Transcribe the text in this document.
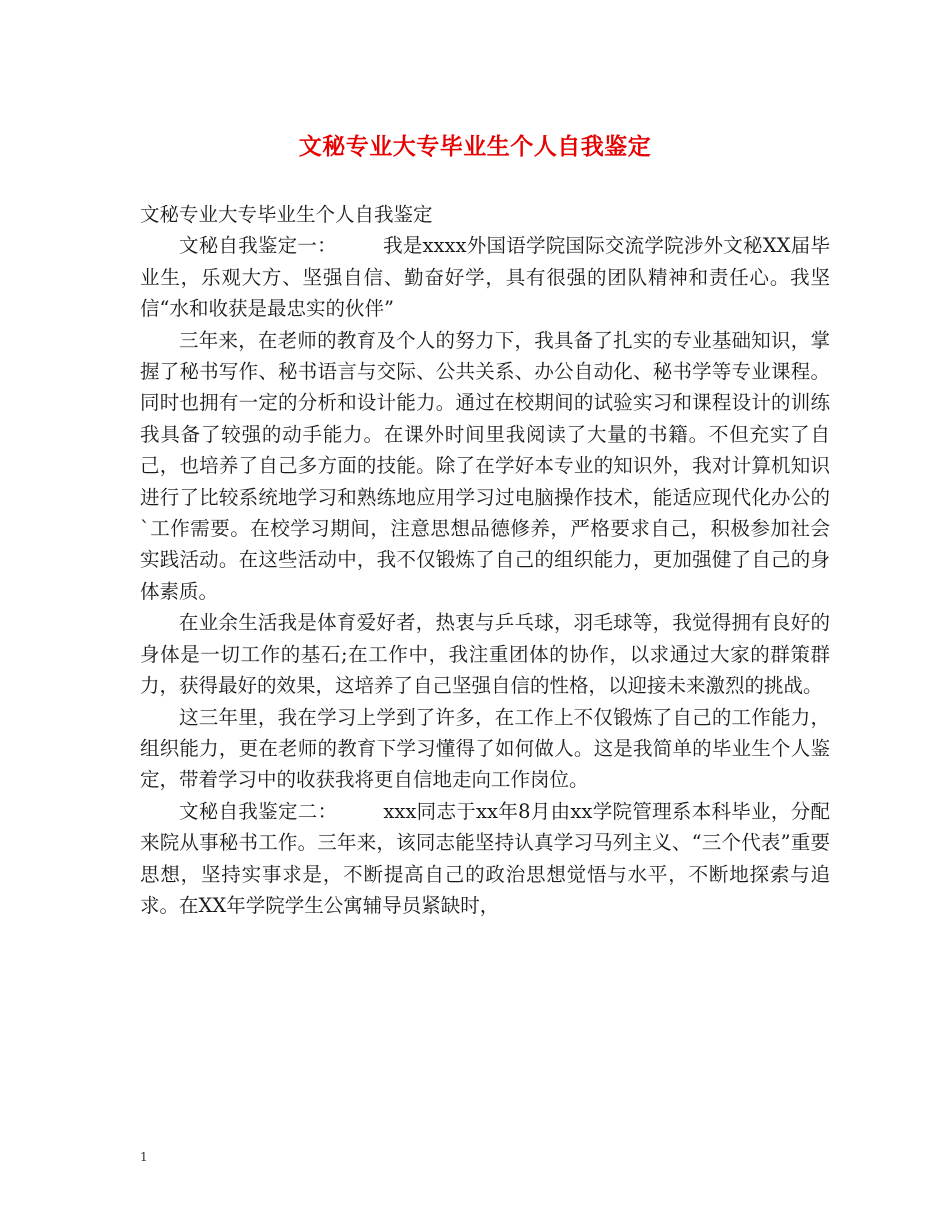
文秘专业大专毕业生个人自我鉴定

文秘专业大专毕业生个人自我鉴定

文秘自我鉴定一： 我是xxxx外国语学院国际交流学院涉外文秘XX届毕业生，乐观大方、坚强自信、勤奋好学，具有很强的团队精神和责任心。我坚信“水和收获是最忠实的伙伴”

三年来，在老师的教育及个人的努力下，我具备了扎实的专业基础知识，掌握了秘书写作、秘书语言与交际、公共关系、办公自动化、秘书学等专业课程。同时也拥有一定的分析和设计能力。通过在校期间的试验实习和课程设计的训练我具备了较强的动手能力。在课外时间里我阅读了大量的书籍。不但充实了自己，也培养了自己多方面的技能。除了在学好本专业的知识外，我对计算机知识进行了比较系统地学习和熟练地应用学习过电脑操作技术，能适应现代化办公的`工作需要。在校学习期间，注意思想品德修养，严格要求自己，积极参加社会实践活动。在这些活动中，我不仅锻炼了自己的组织能力，更加强健了自己的身体素质。

在业余生活我是体育爱好者，热衷与乒乓球，羽毛球等，我觉得拥有良好的身体是一切工作的基石;在工作中，我注重团体的协作，以求通过大家的群策群力，获得最好的效果，这培养了自己坚强自信的性格，以迎接未来激烈的挑战。

这三年里，我在学习上学到了许多，在工作上不仅锻炼了自己的工作能力，组织能力，更在老师的教育下学习懂得了如何做人。这是我简单的毕业生个人鉴定，带着学习中的收获我将更自信地走向工作岗位。

文秘自我鉴定二： xxx同志于xx年8月由xx学院管理系本科毕业，分配来院从事秘书工作。三年来，该同志能坚持认真学习马列主义、“三个代表”重要思想，坚持实事求是，不断提高自己的政治思想觉悟与水平，不断地探索与追求。在XX年学院学生公寓辅导员紧缺时，

1
